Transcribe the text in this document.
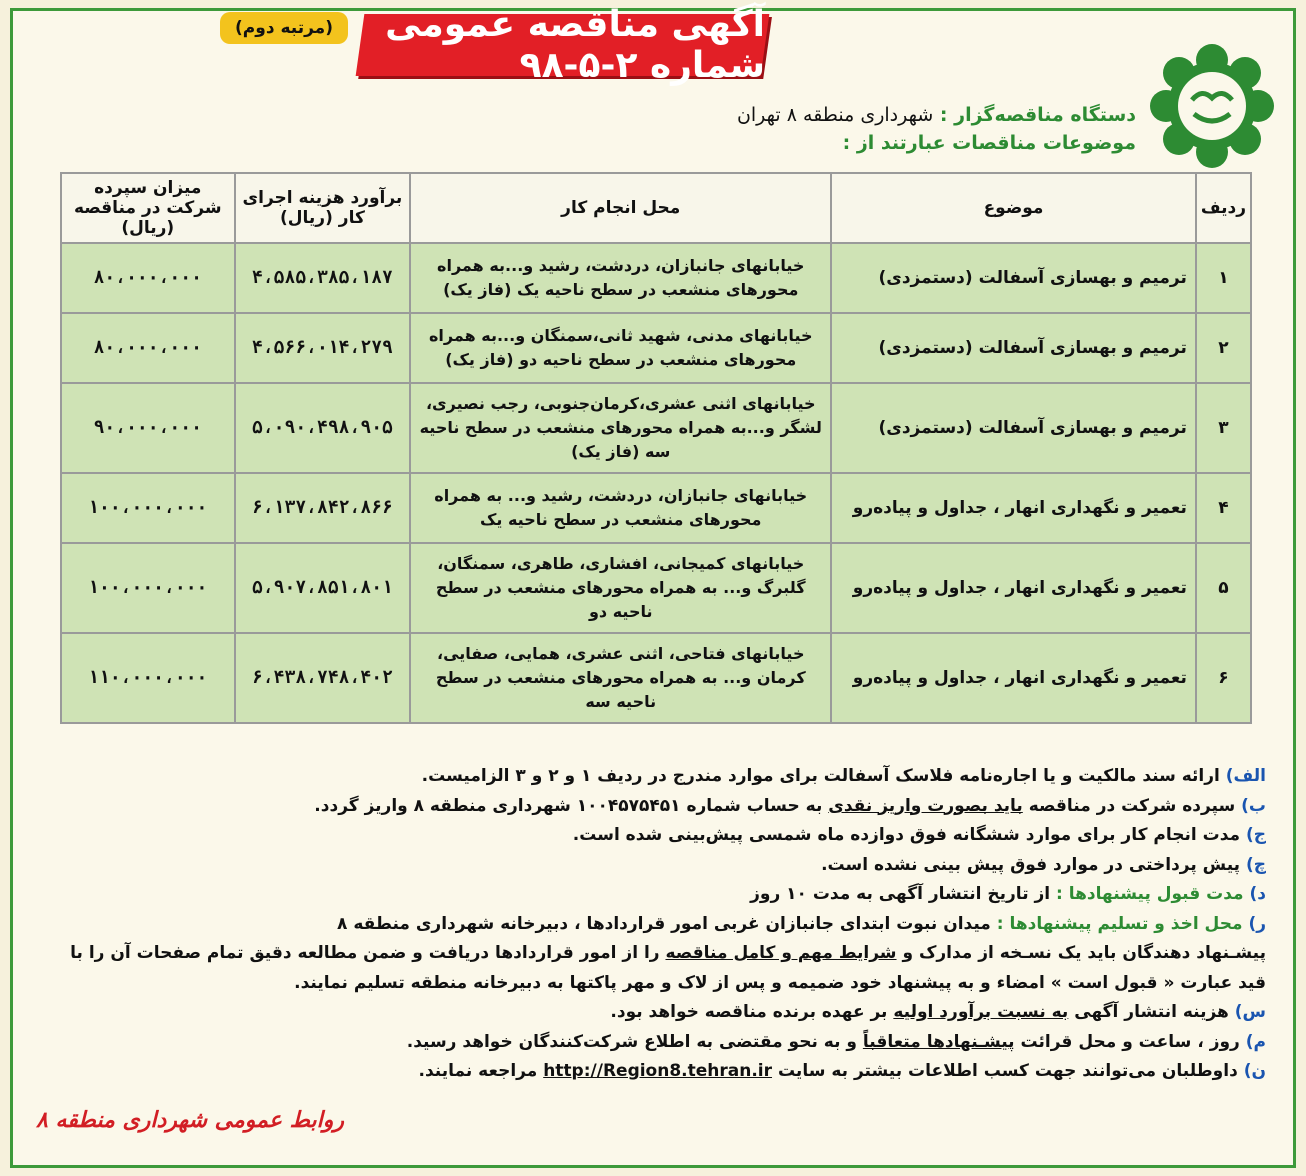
(مرتبه دوم)	آگهی مناقصه عمومی شماره ۲-۵-۹۸
دستگاه مناقصه‌گزار : شهرداری منطقه ۸ تهران
موضوعات مناقصات عبارتند از :
ردیف	موضوع	محل انجام کار	برآورد هزینه اجرای کار (ریال)	میزان سپرده شرکت در مناقصه (ریال)
۱	ترمیم و بهسازی آسفالت (دستمزدی)	خیابانهای جانبازان، دردشت، رشید و...به همراه محورهای منشعب در سطح ناحیه یک (فاز یک)	۴،۵۸۵،۳۸۵،۱۸۷	۸۰،۰۰۰،۰۰۰
۲	ترمیم و بهسازی آسفالت (دستمزدی)	خیابانهای مدنی، شهید ثانی،سمنگان و...به همراه محورهای منشعب در سطح ناحیه دو (فاز یک)	۴،۵۶۶،۰۱۴،۲۷۹	۸۰،۰۰۰،۰۰۰
۳	ترمیم و بهسازی آسفالت (دستمزدی)	خیابانهای اثنی عشری،کرمان‌جنوبی، رجب نصیری، لشگر و...به همراه محورهای منشعب در سطح ناحیه سه (فاز یک)	۵،۰۹۰،۴۹۸،۹۰۵	۹۰،۰۰۰،۰۰۰
۴	تعمیر و نگهداری انهار ، جداول و پیاده‌رو	خیابانهای جانبازان، دردشت، رشید و... به همراه محورهای منشعب در سطح ناحیه یک	۶،۱۳۷،۸۴۲،۸۶۶	۱۰۰،۰۰۰،۰۰۰
۵	تعمیر و نگهداری انهار ، جداول و پیاده‌رو	خیابانهای کمیجانی، افشاری، طاهری، سمنگان، گلبرگ و... به همراه محورهای منشعب در سطح ناحیه دو	۵،۹۰۷،۸۵۱،۸۰۱	۱۰۰،۰۰۰،۰۰۰
۶	تعمیر و نگهداری انهار ، جداول و پیاده‌رو	خیابانهای فتاحی، اثنی عشری، همایی، صفایی، کرمان و... به همراه محورهای منشعب در سطح ناحیه سه	۶،۴۳۸،۷۴۸،۴۰۲	۱۱۰،۰۰۰،۰۰۰
الف) ارائه سند مالکیت و یا اجاره‌نامه فلاسک آسفالت برای موارد مندرج در ردیف ۱ و ۲ و ۳ الزامیست.
ب) سپرده شرکت در مناقصه باید بصورت واریز نقدی به حساب شماره ۱۰۰۴۵۷۵۴۵۱ شهرداری منطقه ۸ واریز گردد.
ج) مدت انجام کار برای موارد ششگانه فوق دوازده ماه شمسی پیش‌بینی شده است.
چ) پیش پرداختی در موارد فوق پیش بینی نشده است.
د) مدت قبول پیشنهادها : از تاریخ انتشار آگهی به مدت ۱۰ روز
ر) محل اخذ و تسلیم پیشنهادها : میدان نبوت ابتدای جانبازان غربی امور قراردادها ، دبیرخانه شهرداری منطقه ۸
پیشـنهاد دهندگان باید یک نسـخه از مدارک و شرایط مهم و کامل مناقصه را از امور قراردادها دریافت و ضمن مطالعه دقیق تمام صفحات آن را با قید عبارت « قبول است » امضاء و به پیشنهاد خود ضمیمه و پس از لاک و مهر پاکتها به دبیرخانه منطقه تسلیم نمایند.
س) هزینه انتشار آگهی به نسبت برآورد اولیه بر عهده برنده مناقصه خواهد بود.
م) روز ، ساعت و محل قرائت پیشـنهادها متعاقباً و به نحو مقتضی به اطلاع شرکت‌کنندگان خواهد رسید.
ن) داوطلبان می‌توانند جهت کسب اطلاعات بیشتر به سایت http://Region8.tehran.ir مراجعه نمایند.
روابط عمومی شهرداری منطقه ۸
